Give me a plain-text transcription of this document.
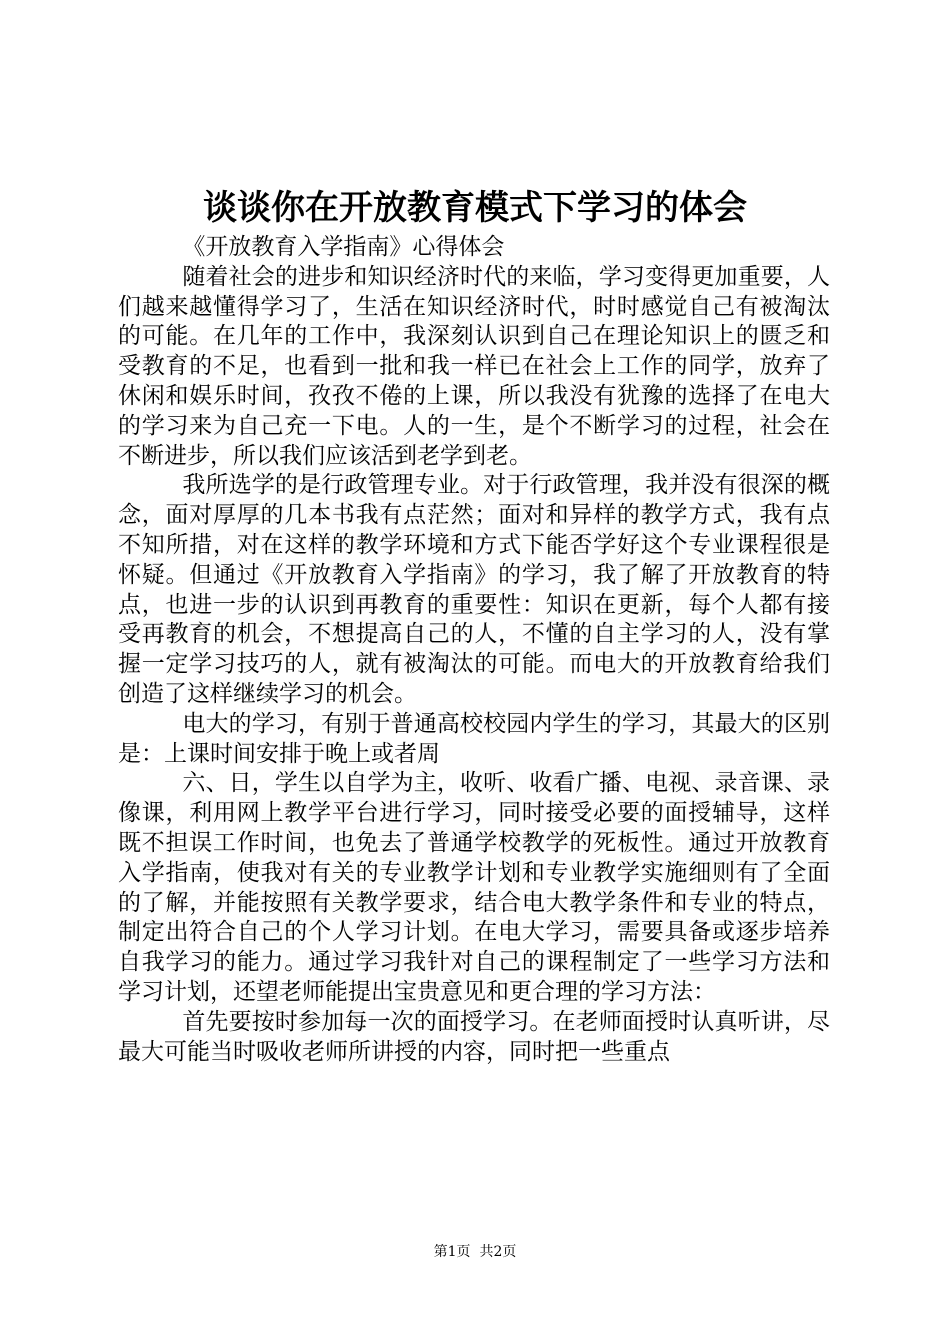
谈谈你在开放教育模式下学习的体会

《开放教育入学指南》心得体会

随着社会的进步和知识经济时代的来临，学习变得更加重要，人们越来越懂得学习了，生活在知识经济时代，时时感觉自己有被淘汰的可能。在几年的工作中，我深刻认识到自己在理论知识上的匮乏和受教育的不足，也看到一批和我一样已在社会上工作的同学，放弃了休闲和娱乐时间，孜孜不倦的上课，所以我没有犹豫的选择了在电大的学习来为自己充一下电。人的一生，是个不断学习的过程，社会在不断进步，所以我们应该活到老学到老。

我所选学的是行政管理专业。对于行政管理，我并没有很深的概念，面对厚厚的几本书我有点茫然；面对和异样的教学方式，我有点不知所措，对在这样的教学环境和方式下能否学好这个专业课程很是怀疑。但通过《开放教育入学指南》的学习，我了解了开放教育的特点，也进一步的认识到再教育的重要性：知识在更新，每个人都有接受再教育的机会，不想提高自己的人，不懂的自主学习的人，没有掌握一定学习技巧的人，就有被淘汰的可能。而电大的开放教育给我们创造了这样继续学习的机会。

电大的学习，有别于普通高校校园内学生的学习，其最大的区别是：上课时间安排于晚上或者周

六、日，学生以自学为主，收听、收看广播、电视、录音课、录像课，利用网上教学平台进行学习，同时接受必要的面授辅导，这样既不担误工作时间，也免去了普通学校教学的死板性。通过开放教育入学指南，使我对有关的专业教学计划和专业教学实施细则有了全面的了解，并能按照有关教学要求，结合电大教学条件和专业的特点，制定出符合自己的个人学习计划。在电大学习，需要具备或逐步培养自我学习的能力。通过学习我针对自己的课程制定了一些学习方法和学习计划，还望老师能提出宝贵意见和更合理的学习方法：

首先要按时参加每一次的面授学习。在老师面授时认真听讲，尽最大可能当时吸收老师所讲授的内容，同时把一些重点

第1页  共2页
